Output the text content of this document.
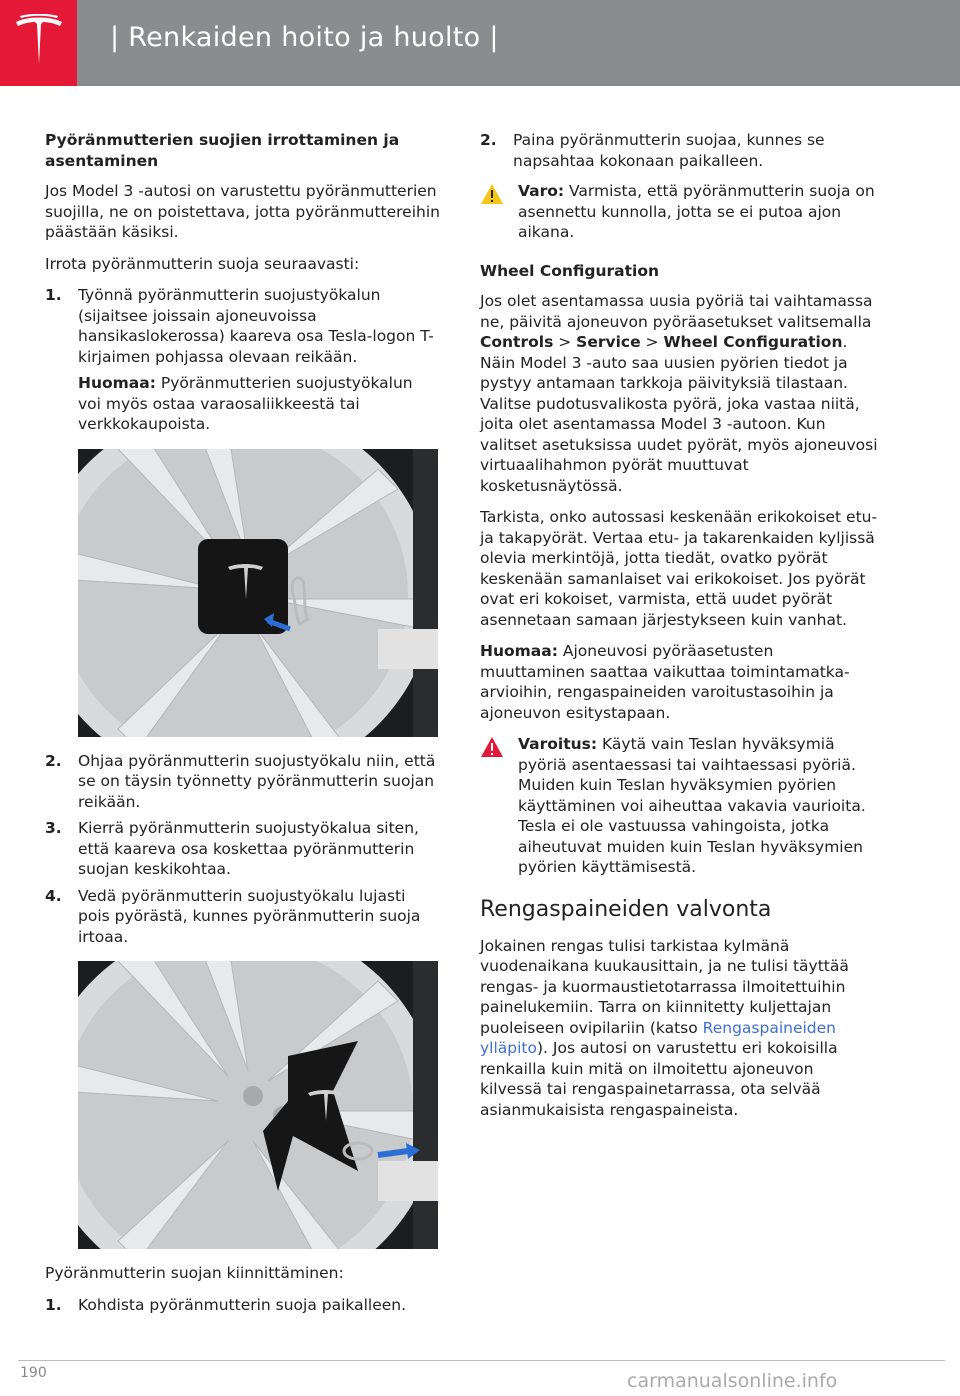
| Renkaiden hoito ja huolto |

Pyöränmutterien suojien irrottaminen ja asentaminen

Jos Model 3 -autosi on varustettu pyöränmutterien suojilla, ne on poistettava, jotta pyöränmuttereihin päästään käsiksi.

Irrota pyöränmutterin suoja seuraavasti:

1.	Työnnä pyöränmutterin suojustyökalun (sijaitsee joissain ajoneuvoissa hansikaslokerossa) kaareva osa Tesla-logon T-kirjaimen pohjassa olevaan reikään.

Huomaa: Pyöränmutterien suojustyökalun voi myös ostaa varaosaliikkeestä tai verkkokaupoista.

2.	Ohjaa pyöränmutterin suojustyökalu niin, että se on täysin työnnetty pyöränmutterin suojan reikään.
3.	Kierrä pyöränmutterin suojustyökalua siten, että kaareva osa koskettaa pyöränmutterin suojan keskikohtaa.
4.	Vedä pyöränmutterin suojustyökalu lujasti pois pyörästä, kunnes pyöränmutterin suoja irtoaa.

Pyöränmutterin suojan kiinnittäminen:

1.	Kohdista pyöränmutterin suoja paikalleen.
2.	Paina pyöränmutterin suojaa, kunnes se napsahtaa kokonaan paikalleen.
Varo: Varmista, että pyöränmutterin suoja on asennettu kunnolla, jotta se ei putoa ajon aikana.

Wheel Configuration

Jos olet asentamassa uusia pyöriä tai vaihtamassa ne, päivitä ajoneuvon pyöräasetukset valitsemalla Controls > Service > Wheel Configuration. Näin Model 3 -auto saa uusien pyörien tiedot ja pystyy antamaan tarkkoja päivityksiä tilastaan. Valitse pudotusvalikosta pyörä, joka vastaa niitä, joita olet asentamassa Model 3 -autoon. Kun valitset asetuksissa uudet pyörät, myös ajoneuvosi virtuaalihahmon pyörät muuttuvat kosketusnäytössä.

Tarkista, onko autossasi keskenään erikokoiset etu- ja takapyörät. Vertaa etu- ja takarenkaiden kyljissä olevia merkintöjä, jotta tiedät, ovatko pyörät keskenään samanlaiset vai erikokoiset. Jos pyörät ovat eri kokoiset, varmista, että uudet pyörät asennetaan samaan järjestykseen kuin vanhat.

Huomaa: Ajoneuvosi pyöräasetusten muuttaminen saattaa vaikuttaa toimintamatka-arvioihin, rengaspaineiden varoitustasoihin ja ajoneuvon esitystapaan.

Varoitus: Käytä vain Teslan hyväksymiä pyöriä asentaessasi tai vaihtaessasi pyöriä. Muiden kuin Teslan hyväksymien pyörien käyttäminen voi aiheuttaa vakavia vaurioita. Tesla ei ole vastuussa vahingoista, jotka aiheutuvat muiden kuin Teslan hyväksymien pyörien käyttämisestä.
Rengaspaineiden valvonta

Jokainen rengas tulisi tarkistaa kylmänä vuodenaikana kuukausittain, ja ne tulisi täyttää rengas- ja kuormaustietotarrassa ilmoitettuihin painelukemiin. Tarra on kiinnitetty kuljettajan puoleiseen ovipilariin (katso Rengaspaineiden ylläpito). Jos autosi on varustettu eri kokoisilla renkailla kuin mitä on ilmoitettu ajoneuvon kilvessä tai rengaspainetarrassa, ota selvää asianmukaisista rengaspaineista.

190	carmanualsonline.info
